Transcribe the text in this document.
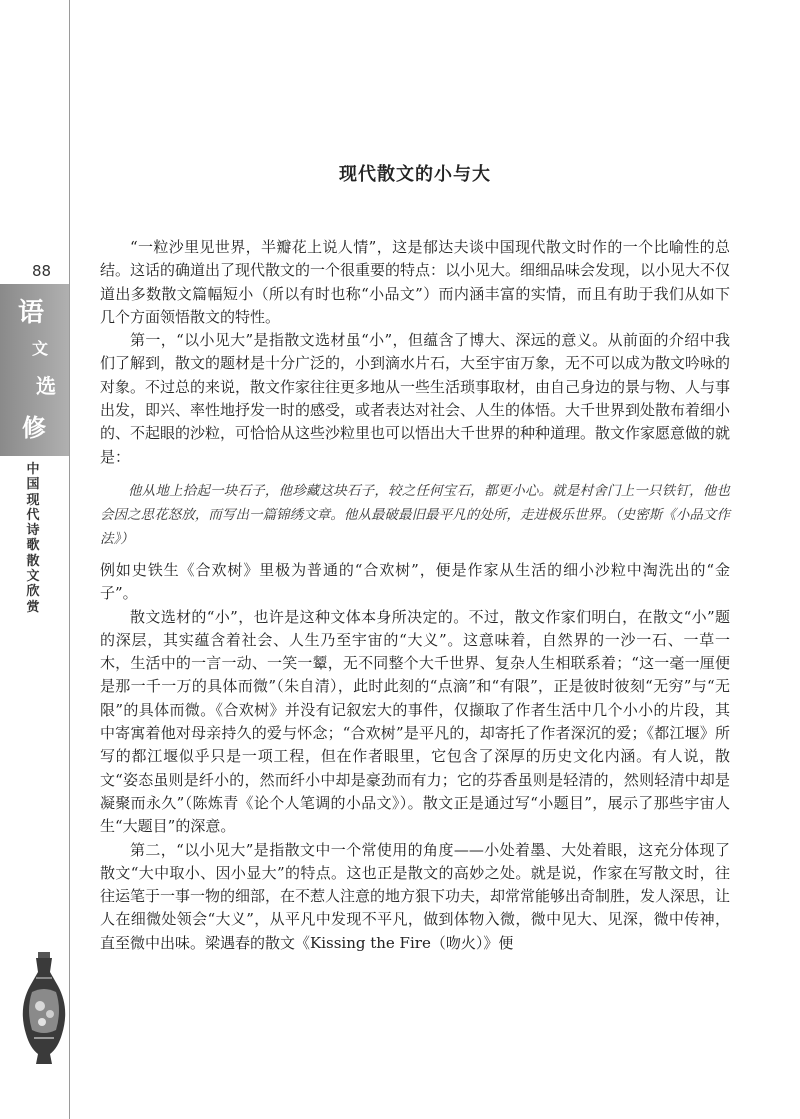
88
语
文
选
修
中国现代诗歌散文欣赏
现代散文的小与大

“一粒沙里见世界，半瓣花上说人情”，这是郁达夫谈中国现代散文时作的一个比喻性的总结。这话的确道出了现代散文的一个很重要的特点：以小见大。细细品味会发现，以小见大不仅道出多数散文篇幅短小（所以有时也称“小品文”）而内涵丰富的实情，而且有助于我们从如下几个方面领悟散文的特性。

第一，“以小见大”是指散文选材虽“小”，但蕴含了博大、深远的意义。从前面的介绍中我们了解到，散文的题材是十分广泛的，小到滴水片石，大至宇宙万象，无不可以成为散文吟咏的对象。不过总的来说，散文作家往往更多地从一些生活琐事取材，由自己身边的景与物、人与事出发，即兴、率性地抒发一时的感受，或者表达对社会、人生的体悟。大千世界到处散布着细小的、不起眼的沙粒，可恰恰从这些沙粒里也可以悟出大千世界的种种道理。散文作家愿意做的就是：

他从地上拾起一块石子，他珍藏这块石子，较之任何宝石，都更小心。就是村舍门上一只铁钉，他也会因之思花怒放，而写出一篇锦绣文章。他从最破最旧最平凡的处所，走进极乐世界。（史密斯《小品文作法》）

例如史铁生《合欢树》里极为普通的“合欢树”，便是作家从生活的细小沙粒中淘洗出的“金子”。

散文选材的“小”，也许是这种文体本身所决定的。不过，散文作家们明白，在散文“小”题的深层，其实蕴含着社会、人生乃至宇宙的“大义”。这意味着，自然界的一沙一石、一草一木，生活中的一言一动、一笑一颦，无不同整个大千世界、复杂人生相联系着；“这一毫一厘便是那一千一万的具体而微”（朱自清），此时此刻的“点滴”和“有限”，正是彼时彼刻“无穷”与“无限”的具体而微。《合欢树》并没有记叙宏大的事件，仅撷取了作者生活中几个小小的片段，其中寄寓着他对母亲持久的爱与怀念；“合欢树”是平凡的，却寄托了作者深沉的爱；《都江堰》所写的都江堰似乎只是一项工程，但在作者眼里，它包含了深厚的历史文化内涵。有人说，散文“姿态虽则是纤小的，然而纤小中却是豪劲而有力；它的芬香虽则是轻清的，然则轻清中却是凝聚而永久”（陈炼青《论个人笔调的小品文》）。散文正是通过写“小题目”，展示了那些宇宙人生“大题目”的深意。

第二，“以小见大”是指散文中一个常使用的角度——小处着墨、大处着眼，这充分体现了散文“大中取小、因小显大”的特点。这也正是散文的高妙之处。就是说，作家在写散文时，往往运笔于一事一物的细部，在不惹人注意的地方狠下功夫，却常常能够出奇制胜，发人深思，让人在细微处领会“大义”，从平凡中发现不平凡，做到体物入微，微中见大、见深，微中传神，直至微中出味。梁遇春的散文《Kissing the Fire（吻火）》便
